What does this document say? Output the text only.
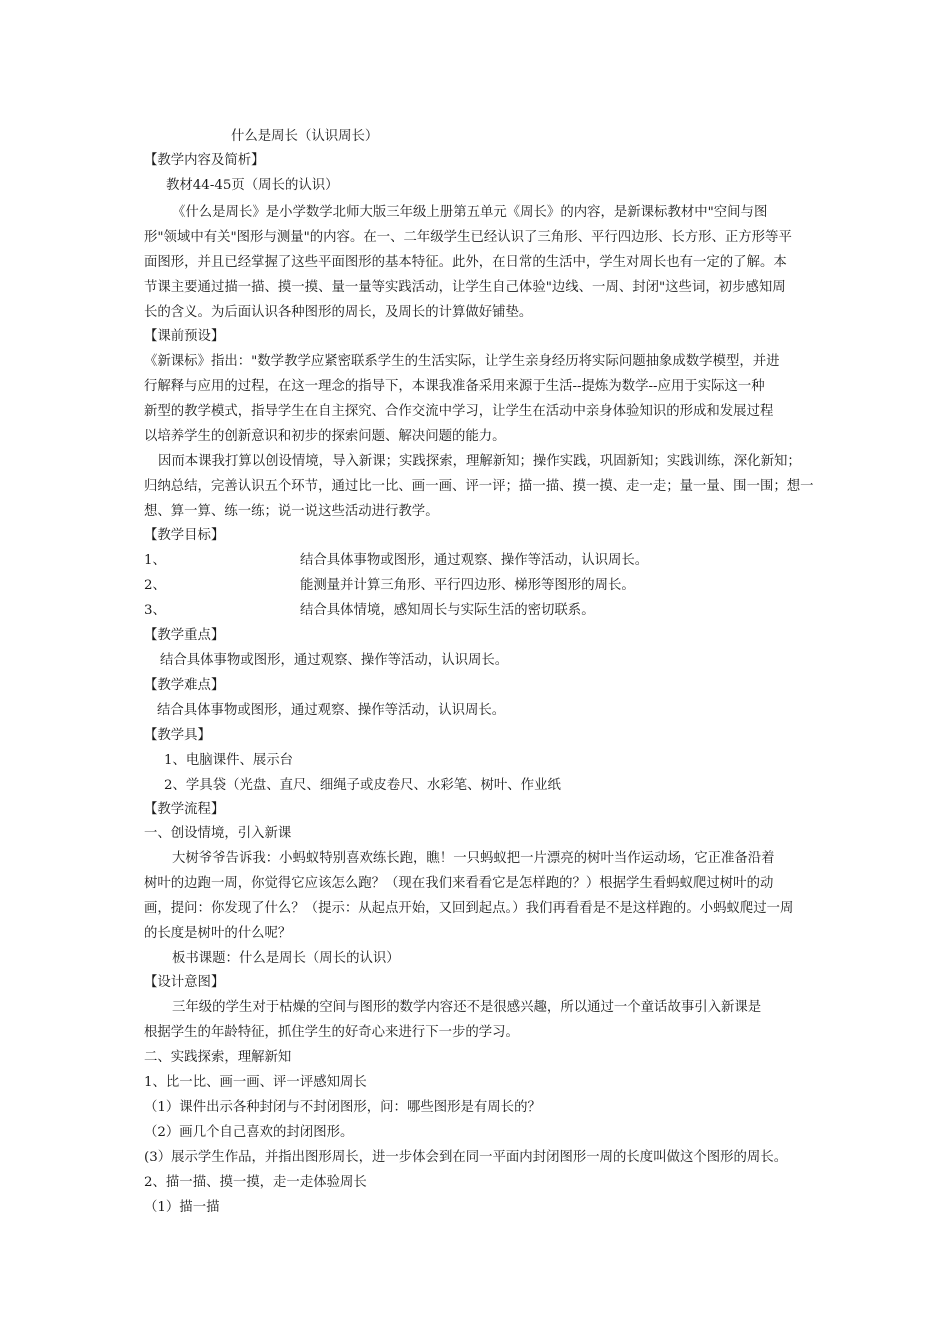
什么是周长（认识周长）
【教学内容及简析】
教材44-45页（周长的认识）
《什么是周长》是小学数学北师大版三年级上册第五单元《周长》的内容，是新课标教材中"空间与图
形"领域中有关"图形与测量"的内容。在一、二年级学生已经认识了三角形、平行四边形、长方形、正方形等平
面图形，并且已经掌握了这些平面图形的基本特征。此外，在日常的生活中，学生对周长也有一定的了解。本
节课主要通过描一描、摸一摸、量一量等实践活动，让学生自己体验"边线、一周、封闭"这些词，初步感知周
长的含义。为后面认识各种图形的周长，及周长的计算做好铺垫。
【课前预设】
《新课标》指出："数学教学应紧密联系学生的生活实际，让学生亲身经历将实际问题抽象成数学模型，并进
行解释与应用的过程，在这一理念的指导下，本课我准备采用来源于生活--提炼为数学--应用于实际这一种
新型的教学模式，指导学生在自主探究、合作交流中学习，让学生在活动中亲身体验知识的形成和发展过程
以培养学生的创新意识和初步的探索问题、解决问题的能力。
因而本课我打算以创设情境，导入新课；实践探索，理解新知；操作实践，巩固新知；实践训练，深化新知；
归纳总结，完善认识五个环节，通过比一比、画一画、评一评；描一描、摸一摸、走一走；量一量、围一围；想一
想、算一算、练一练；说一说这些活动进行教学。
【教学目标】
1、	结合具体事物或图形，通过观察、操作等活动，认识周长。
2、	能测量并计算三角形、平行四边形、梯形等图形的周长。
3、	结合具体情境，感知周长与实际生活的密切联系。
【教学重点】
结合具体事物或图形，通过观察、操作等活动，认识周长。
【教学难点】
结合具体事物或图形，通过观察、操作等活动，认识周长。
【教学具】
1、电脑课件、展示台
2、学具袋（光盘、直尺、细绳子或皮卷尺、水彩笔、树叶、作业纸
【教学流程】
一、创设情境，引入新课
大树爷爷告诉我：小蚂蚁特别喜欢练长跑，瞧！一只蚂蚁把一片漂亮的树叶当作运动场，它正准备沿着
树叶的边跑一周，你觉得它应该怎么跑？（现在我们来看看它是怎样跑的？）根据学生看蚂蚁爬过树叶的动
画，提问：你发现了什么？（提示：从起点开始，又回到起点。）我们再看看是不是这样跑的。小蚂蚁爬过一周
的长度是树叶的什么呢？
板书课题：什么是周长（周长的认识）
【设计意图】
三年级的学生对于枯燥的空间与图形的数学内容还不是很感兴趣，所以通过一个童话故事引入新课是
根据学生的年龄特征，抓住学生的好奇心来进行下一步的学习。
二、实践探索，理解新知
1、比一比、画一画、评一评感知周长
（1）课件出示各种封闭与不封闭图形，问：哪些图形是有周长的？
（2）画几个自己喜欢的封闭图形。
(3）展示学生作品，并指出图形周长，进一步体会到在同一平面内封闭图形一周的长度叫做这个图形的周长。
2、描一描、摸一摸，走一走体验周长
（1）描一描
